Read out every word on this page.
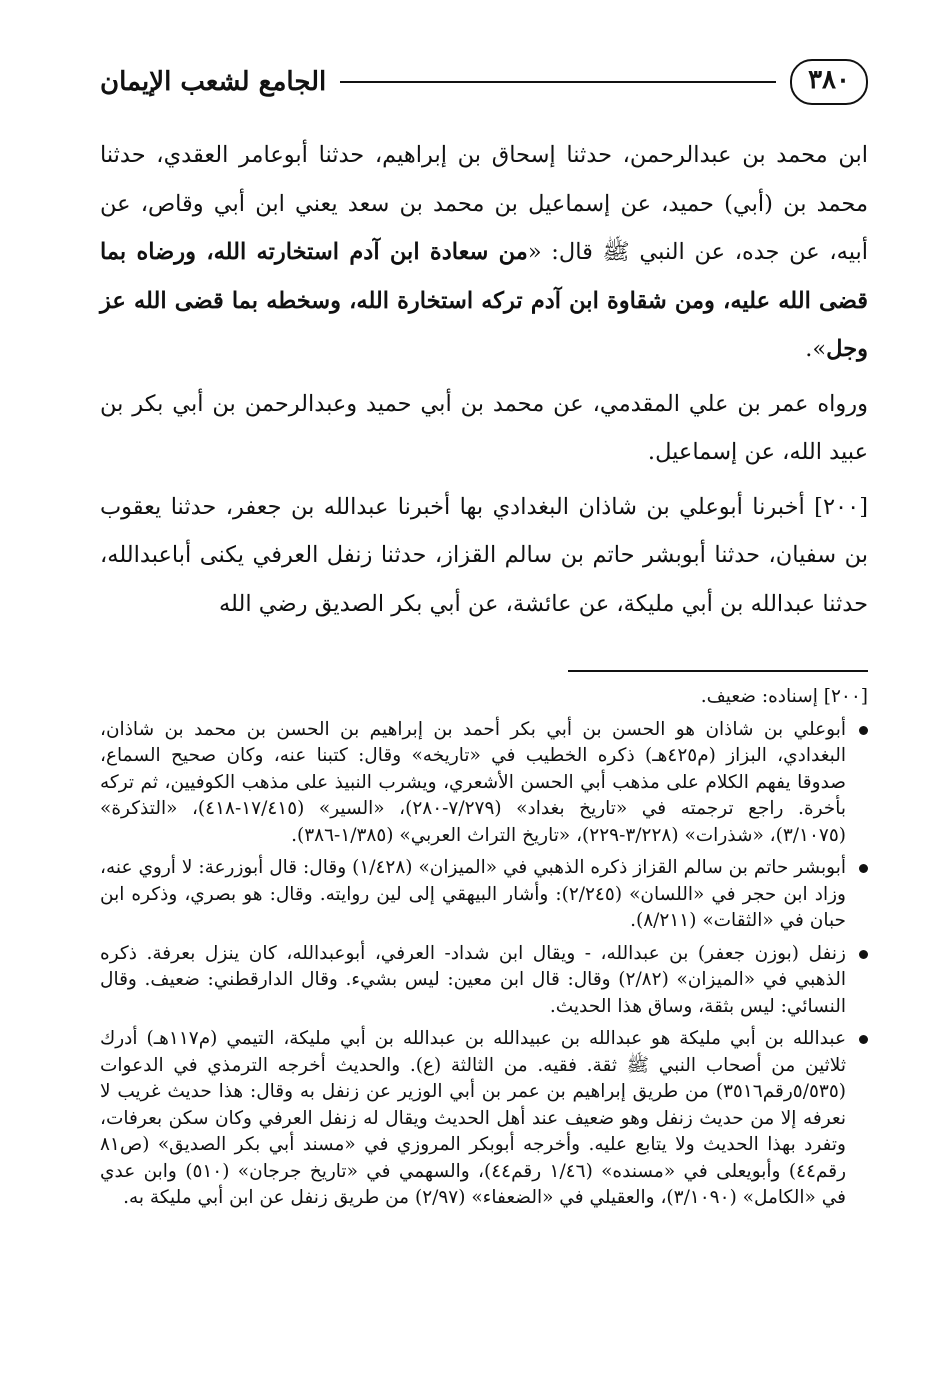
٣٨٠
الجامع لشعب الإيمان

ابن محمد بن عبدالرحمن، حدثنا إسحاق بن إبراهيم، حدثنا أبوعامر العقدي، حدثنا محمد بن (أبي) حميد، عن إسماعيل بن محمد بن سعد يعني ابن أبي وقاص، عن أبيه، عن جده، عن النبي ﷺ قال: «من سعادة ابن آدم استخارته الله، ورضاه بما قضى الله عليه، ومن شقاوة ابن آدم تركه استخارة الله، وسخطه بما قضى الله عز وجل».

ورواه عمر بن علي المقدمي، عن محمد بن أبي حميد وعبدالرحمن بن أبي بكر بن عبيد الله، عن إسماعيل.

[٢٠٠] أخبرنا أبوعلي بن شاذان البغدادي بها أخبرنا عبدالله بن جعفر، حدثنا يعقوب بن سفيان، حدثنا أبوبشر حاتم بن سالم القزاز، حدثنا زنفل العرفي يكنى أباعبدالله، حدثنا عبدالله بن أبي مليكة، عن عائشة، عن أبي بكر الصديق رضي الله

[٢٠٠] إسناده: ضعيف.

أبوعلي بن شاذان هو الحسن بن أبي بكر أحمد بن إبراهيم بن الحسن بن محمد بن شاذان، البغدادي، البزاز (م٤٢٥هـ) ذكره الخطيب في «تاريخه» وقال: كتبنا عنه، وكان صحيح السماع، صدوقا يفهم الكلام على مذهب أبي الحسن الأشعري، ويشرب النبيذ على مذهب الكوفيين، ثم تركه بأخرة. راجع ترجمته في «تاريخ بغداد» (٧/٢٧٩-٢٨٠)، «السير» (١٧/٤١٥-٤١٨)، «التذكرة» (٣/١٠٧٥)، «شذرات» (٣/٢٢٨-٢٢٩)، «تاريخ التراث العربي» (١/٣٨٥-٣٨٦).
أبوبشر حاتم بن سالم القزاز ذكره الذهبي في «الميزان» (١/٤٢٨) وقال: قال أبوزرعة: لا أروي عنه، وزاد ابن حجر في «اللسان» (٢/٢٤٥): وأشار البيهقي إلى لين روايته. وقال: هو بصري، وذكره ابن حبان في «الثقات» (٨/٢١١).
زنفل (بوزن جعفر) بن عبدالله، - ويقال ابن شداد- العرفي، أبوعبدالله، كان ينزل بعرفة. ذكره الذهبي في «الميزان» (٢/٨٢) وقال: قال ابن معين: ليس بشيء. وقال الدارقطني: ضعيف. وقال النسائي: ليس بثقة، وساق هذا الحديث.
عبدالله بن أبي مليكة هو عبدالله بن عبيدالله بن عبدالله بن أبي مليكة، التيمي (م١١٧هـ) أدرك ثلاثين من أصحاب النبي ﷺ ثقة. فقيه. من الثالثة (ع). والحديث أخرجه الترمذي في الدعوات (٥/٥٣٥رقم٣٥١٦) من طريق إبراهيم بن عمر بن أبي الوزير عن زنفل به وقال: هذا حديث غريب لا نعرفه إلا من حديث زنفل وهو ضعيف عند أهل الحديث ويقال له زنفل العرفي وكان سكن بعرفات، وتفرد بهذا الحديث ولا يتابع عليه. وأخرجه أبوبكر المروزي في «مسند أبي بكر الصديق» (ص٨١ رقم٤٤) وأبويعلى في «مسنده» (١/٤٦ رقم٤٤)، والسهمي في «تاريخ جرجان» (٥١٠) وابن عدي في «الكامل» (٣/١٠٩٠)، والعقيلي في «الضعفاء» (٢/٩٧) من طريق زنفل عن ابن أبي مليكة به.
